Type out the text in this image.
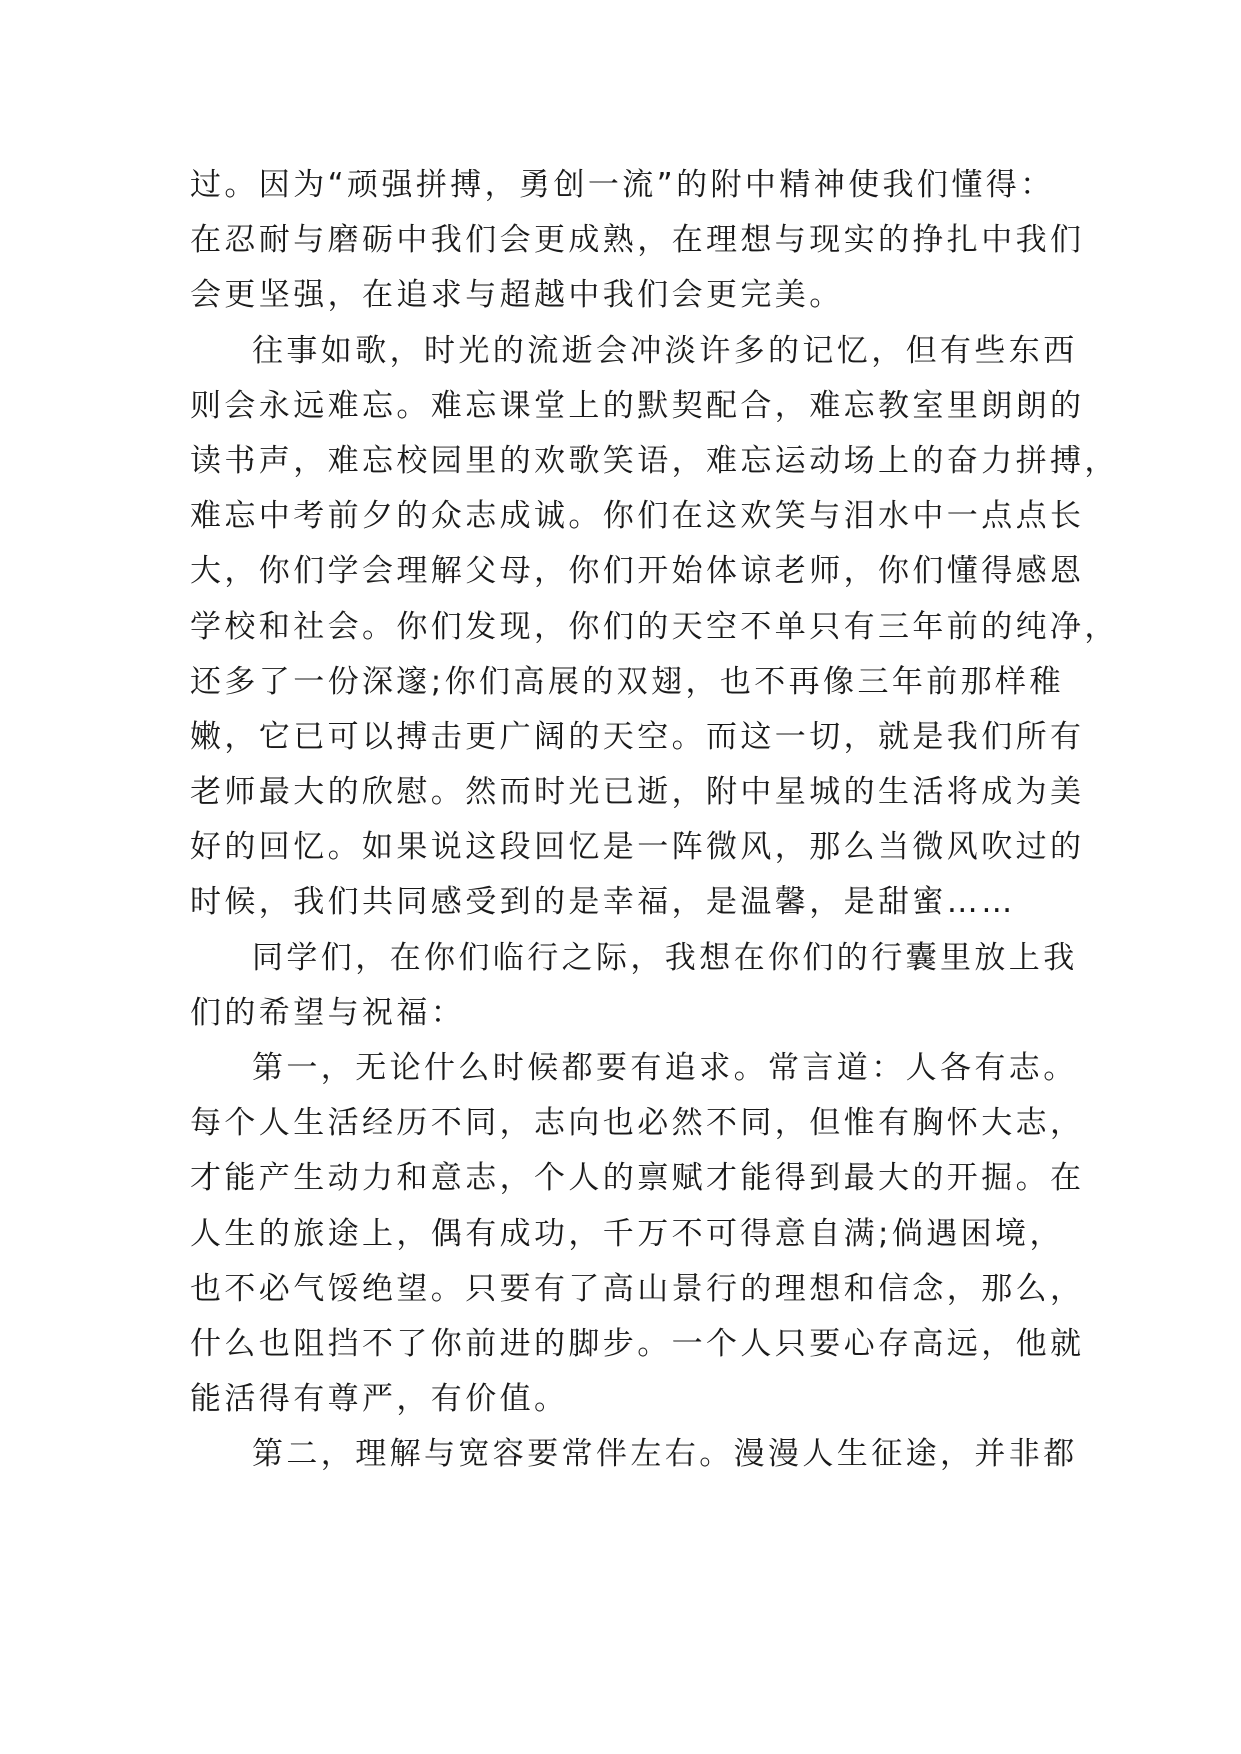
过。因为“顽强拼搏，勇创一流”的附中精神使我们懂得：
在忍耐与磨砺中我们会更成熟，在理想与现实的挣扎中我们
会更坚强，在追求与超越中我们会更完美。
往事如歌，时光的流逝会冲淡许多的记忆，但有些东西
则会永远难忘。难忘课堂上的默契配合，难忘教室里朗朗的
读书声，难忘校园里的欢歌笑语，难忘运动场上的奋力拼搏，
难忘中考前夕的众志成诚。你们在这欢笑与泪水中一点点长
大，你们学会理解父母，你们开始体谅老师，你们懂得感恩
学校和社会。你们发现，你们的天空不单只有三年前的纯净，
还多了一份深邃;你们高展的双翅，也不再像三年前那样稚
嫩，它已可以搏击更广阔的天空。而这一切，就是我们所有
老师最大的欣慰。然而时光已逝，附中星城的生活将成为美
好的回忆。如果说这段回忆是一阵微风，那么当微风吹过的
时候，我们共同感受到的是幸福，是温馨，是甜蜜……
同学们，在你们临行之际，我想在你们的行囊里放上我
们的希望与祝福：
第一，无论什么时候都要有追求。常言道：人各有志。
每个人生活经历不同，志向也必然不同，但惟有胸怀大志，
才能产生动力和意志，个人的禀赋才能得到最大的开掘。在
人生的旅途上，偶有成功，千万不可得意自满;倘遇困境，
也不必气馁绝望。只要有了高山景行的理想和信念，那么，
什么也阻挡不了你前进的脚步。一个人只要心存高远，他就
能活得有尊严，有价值。
第二，理解与宽容要常伴左右。漫漫人生征途，并非都
